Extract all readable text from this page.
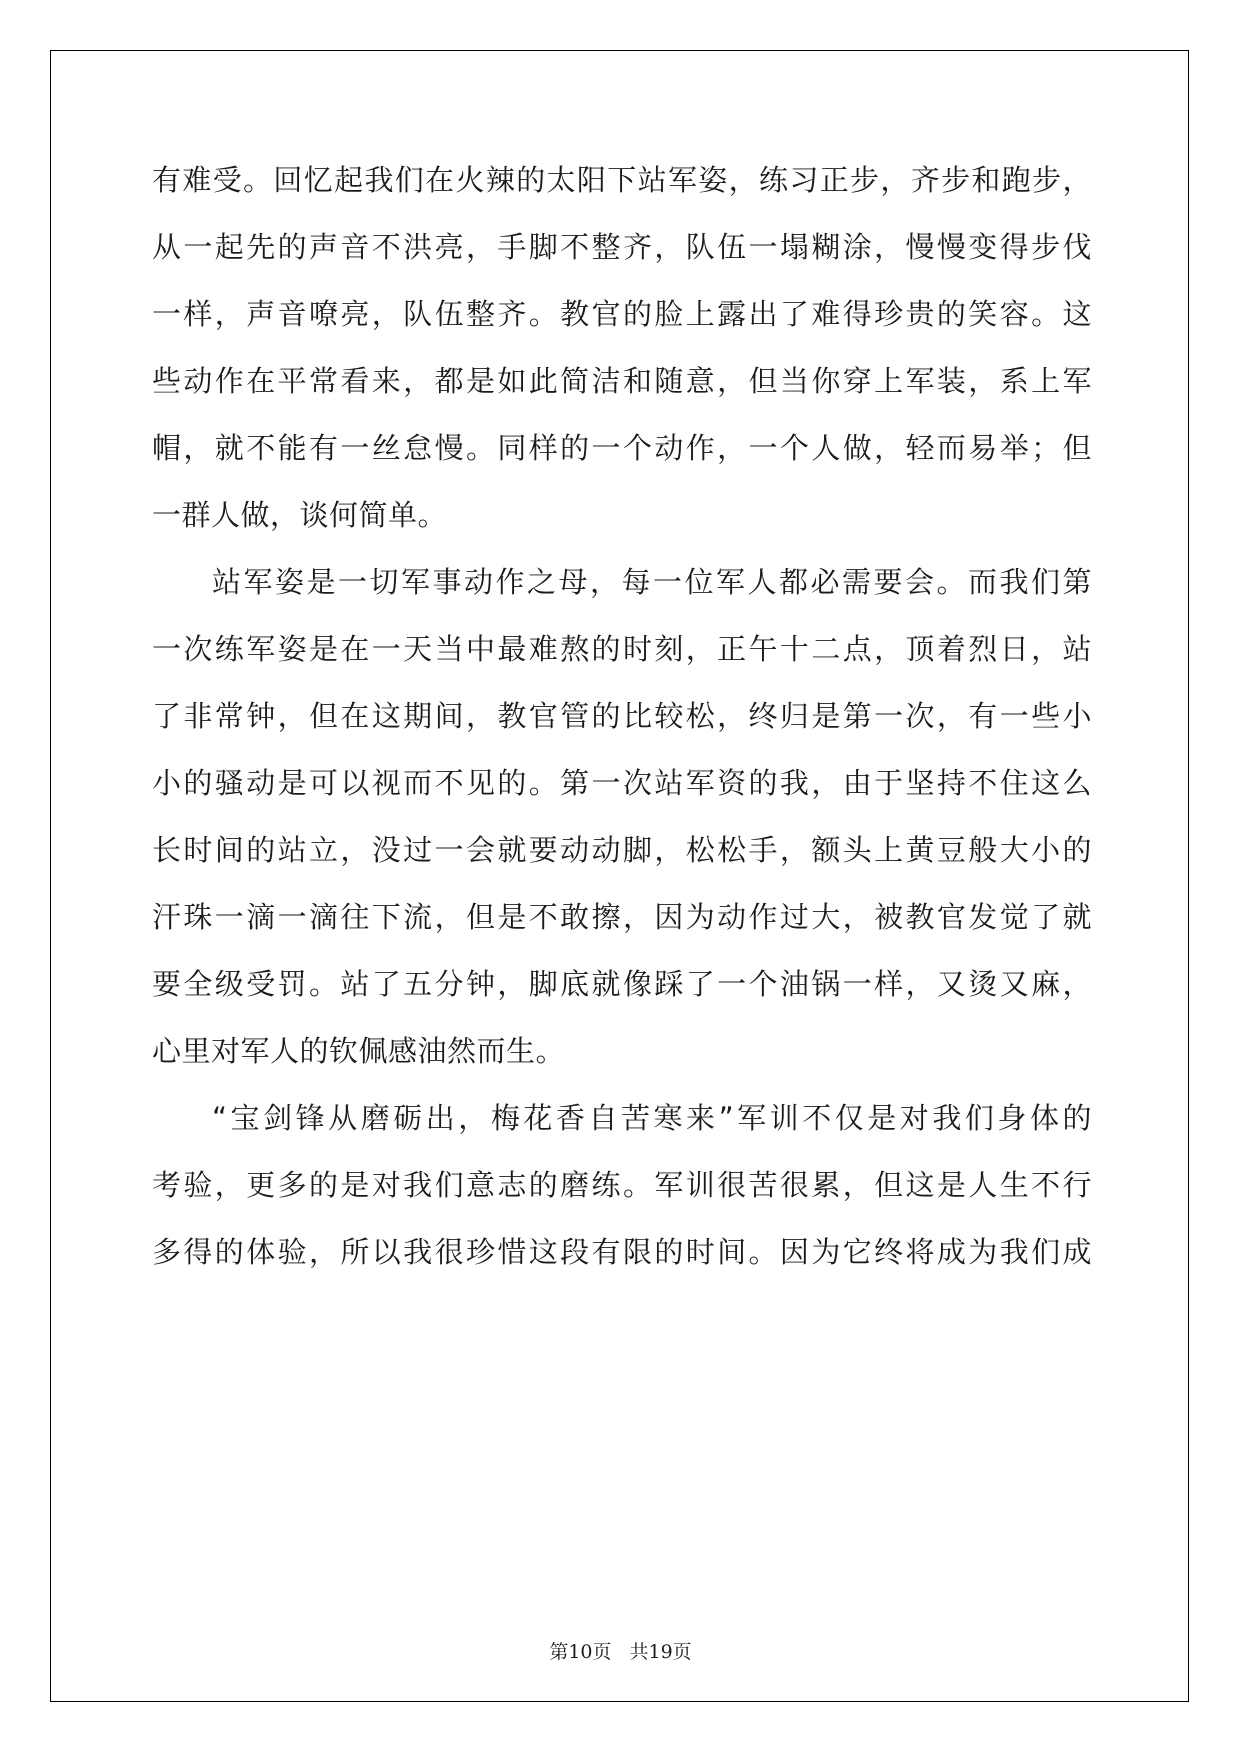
有难受。回忆起我们在火辣的太阳下站军姿，练习正步，齐步和跑步，
从一起先的声音不洪亮，手脚不整齐，队伍一塌糊涂，慢慢变得步伐
一样，声音嘹亮，队伍整齐。教官的脸上露出了难得珍贵的笑容。这
些动作在平常看来，都是如此简洁和随意，但当你穿上军装，系上军
帽，就不能有一丝怠慢。同样的一个动作，一个人做，轻而易举；但
一群人做，谈何简单。
站军姿是一切军事动作之母，每一位军人都必需要会。而我们第
一次练军姿是在一天当中最难熬的时刻，正午十二点，顶着烈日，站
了非常钟，但在这期间，教官管的比较松，终归是第一次，有一些小
小的骚动是可以视而不见的。第一次站军资的我，由于坚持不住这么
长时间的站立，没过一会就要动动脚，松松手，额头上黄豆般大小的
汗珠一滴一滴往下流，但是不敢擦，因为动作过大，被教官发觉了就
要全级受罚。站了五分钟，脚底就像踩了一个油锅一样，又烫又麻，
心里对军人的钦佩感油然而生。
“宝剑锋从磨砺出，梅花香自苦寒来”军训不仅是对我们身体的
考验，更多的是对我们意志的磨练。军训很苦很累，但这是人生不行
多得的体验，所以我很珍惜这段有限的时间。因为它终将成为我们成
第10页 共19页
